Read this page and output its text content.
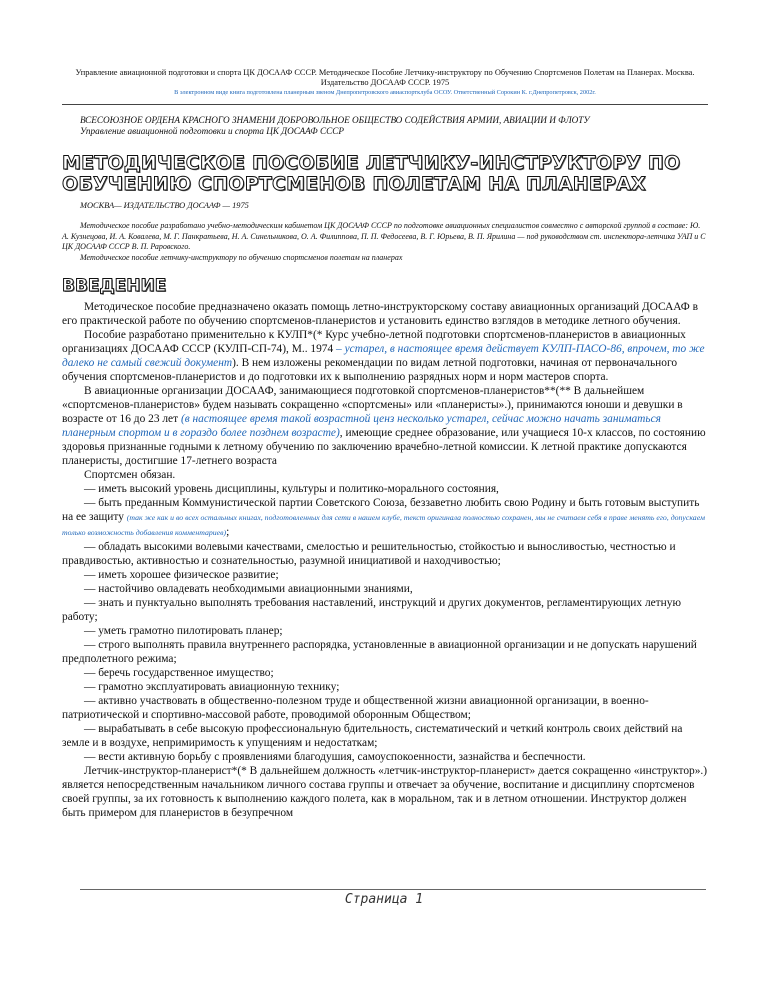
Управление авиационной подготовки и спорта ЦК ДОСААФ СССР. Методическое Пособие Летчику-инструктору по Обучению Спортсменов Полетам на Планерах. Москва. Издательство ДОСААФ СССР. 1975
В электронном виде книга подготовлена планерным звеном Днепропетровского авиаспортклуба ОСОУ. Ответственный Сорокин К. г.Днепропетровск, 2002г.
ВСЕСОЮЗНОЕ ОРДЕНА КРАСНОГО ЗНАМЕНИ ДОБРОВОЛЬНОЕ ОБЩЕСТВО СОДЕЙСТВИЯ АРМИИ, АВИАЦИИ И ФЛОТУ
Управление авиационной подготовки и спорта ЦК ДОСААФ СССР
МЕТОДИЧЕСКОЕ ПОСОБИЕ ЛЕТЧИКУ-ИНСТРУКТОРУ ПО ОБУЧЕНИЮ СПОРТСМЕНОВ ПОЛЕТАМ НА ПЛАНЕРАХ
МОСКВА— ИЗДАТЕЛЬСТВО ДОСААФ — 1975

Методическое пособие разработано учебно-методическим кабинетом ЦК ДОСААФ СССР по подготовке авиационных специалистов совместно с авторской группой в составе: Ю. А. Кузнецова, И. А. Ковалева, М. Г. Панкратьева, Н. А. Синельникова, О. А. Филиппова, П. П. Федосеева, В. Г. Юрьева, В. П. Ярилина — под руководством ст. инспектора-летчика УАП и С ЦК ДОСААФ СССР В. П. Раровского.

Методическое пособие летчику-инструктору по обучению спортсменов полетам на планерах

ВВЕДЕНИЕ

Методическое пособие предназначено оказать помощь летно-инструкторскому составу авиационных организаций ДОСААФ в его практической работе по обучению спортсменов-планеристов и установить единство взглядов в методике летного обучения.

Пособие разработано применительно к КУЛП*(* Курс учебно-летной подготовки спортсменов-планеристов в авиационных организациях ДОСААФ СССР (КУЛП-СП-74), М.. 1974 – устарел, в настоящее время действует КУЛП-ПАСО-86, впрочем, то же далеко не самый свежий документ). В нем изложены рекомендации по видам летной подготовки, начиная от первоначального обучения спортсменов-планеристов и до подготовки их к выполнению разрядных норм и норм мастеров спорта.

В авиационные организации ДОСААФ, занимающиеся подготовкой спортсменов-планеристов**(** В дальнейшем «спортсменов-планеристов» будем называть сокращенно «спортсмены» или «планеристы».), принимаются юноши и девушки в возрасте от 16 до 23 лет (в настоящее время такой возрастной ценз несколько устарел, сейчас можно начать заниматься планерным спортом и в гораздо более позднем возрасте), имеющие среднее образование, или учащиеся 10-х классов, по состоянию здоровья признанные годными к летному обучению по заключению врачебно-летной комиссии. К летной практике допускаются планеристы, достигшие 17-летнего возраста

Спортсмен обязан.

— иметь высокий уровень дисциплины, культуры и политико-морального состояния,

— быть преданным Коммунистической партии Советского Союза, беззаветно любить свою Родину и быть готовым выступить на ее защиту (так же как и во всех остальных книгах, подготовленных для сети в нашем клубе, текст оригинала полностью сохранен, мы не считаем себя в праве менять его, допускаем только возможность добавления комментариев);

— обладать высокими волевыми качествами, смелостью и решительностью, стойкостью и выносливостью, честностью и правдивостью, активностью и сознательностью, разумной инициативой и находчивостью;

— иметь хорошее физическое развитие;

— настойчиво овладевать необходимыми авиационными знаниями,

— знать и пунктуально выполнять требования наставлений, инструкций и других документов, регламентирующих летную работу;

— уметь грамотно пилотировать планер;

— строго выполнять правила внутреннего распорядка, установленные в авиационной организации и не допускать нарушений предполетного режима;

— беречь государственное имущество;

— грамотно эксплуатировать авиационную технику;

— активно участвовать в общественно-полезном труде и общественной жизни авиационной организации, в военно-патриотической и спортивно-массовой работе, проводимой оборонным Обществом;

— вырабатывать в себе высокую профессиональную бдительность, систематический и четкий контроль своих действий на земле и в воздухе, непримиримость к упущениям и недостаткам;

— вести активную борьбу с проявлениями благодушия, самоуспокоенности, зазнайства и беспечности.

Летчик-инструктор-планерист*(* В дальнейшем должность «летчик-инструктор-планерист» дается сокращенно «инструктор».) является непосредственным начальником личного состава группы и отвечает за обучение, воспитание и дисциплину спортсменов своей группы, за их готовность к выполнению каждого полета, как в моральном, так и в летном отношении. Инструктор должен быть примером для планеристов в безупречном

Страница 1
